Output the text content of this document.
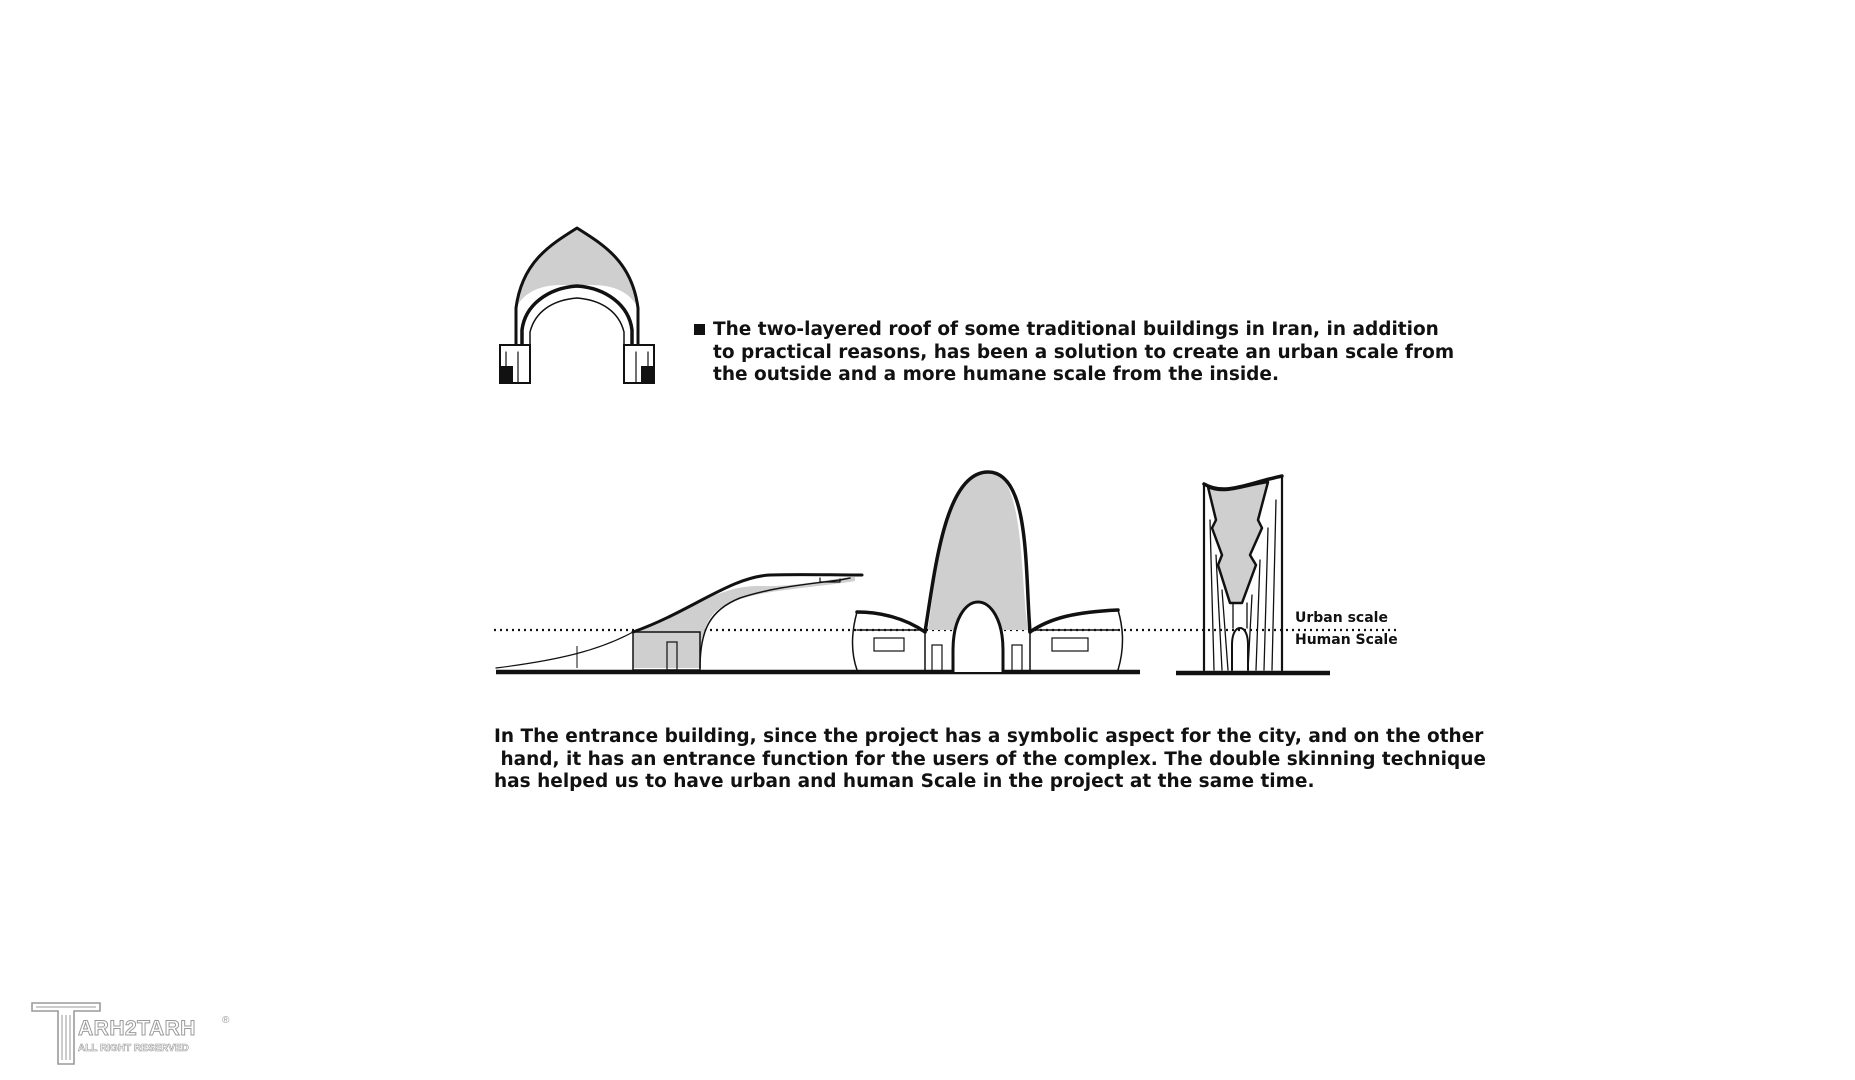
The two-layered roof of some traditional buildings in Iran, in addition
to practical reasons, has been a solution to create an urban scale from
the outside and a more humane scale from the inside.
Urban scale
Human Scale
In The entrance building, since the project has a symbolic aspect for the city, and on the other
hand, it has an entrance function for the users of the complex. The double skinning technique
has helped us to have urban and human Scale in the project at the same time.
ARH2TARH
ALL RIGHT RESERVED
®
